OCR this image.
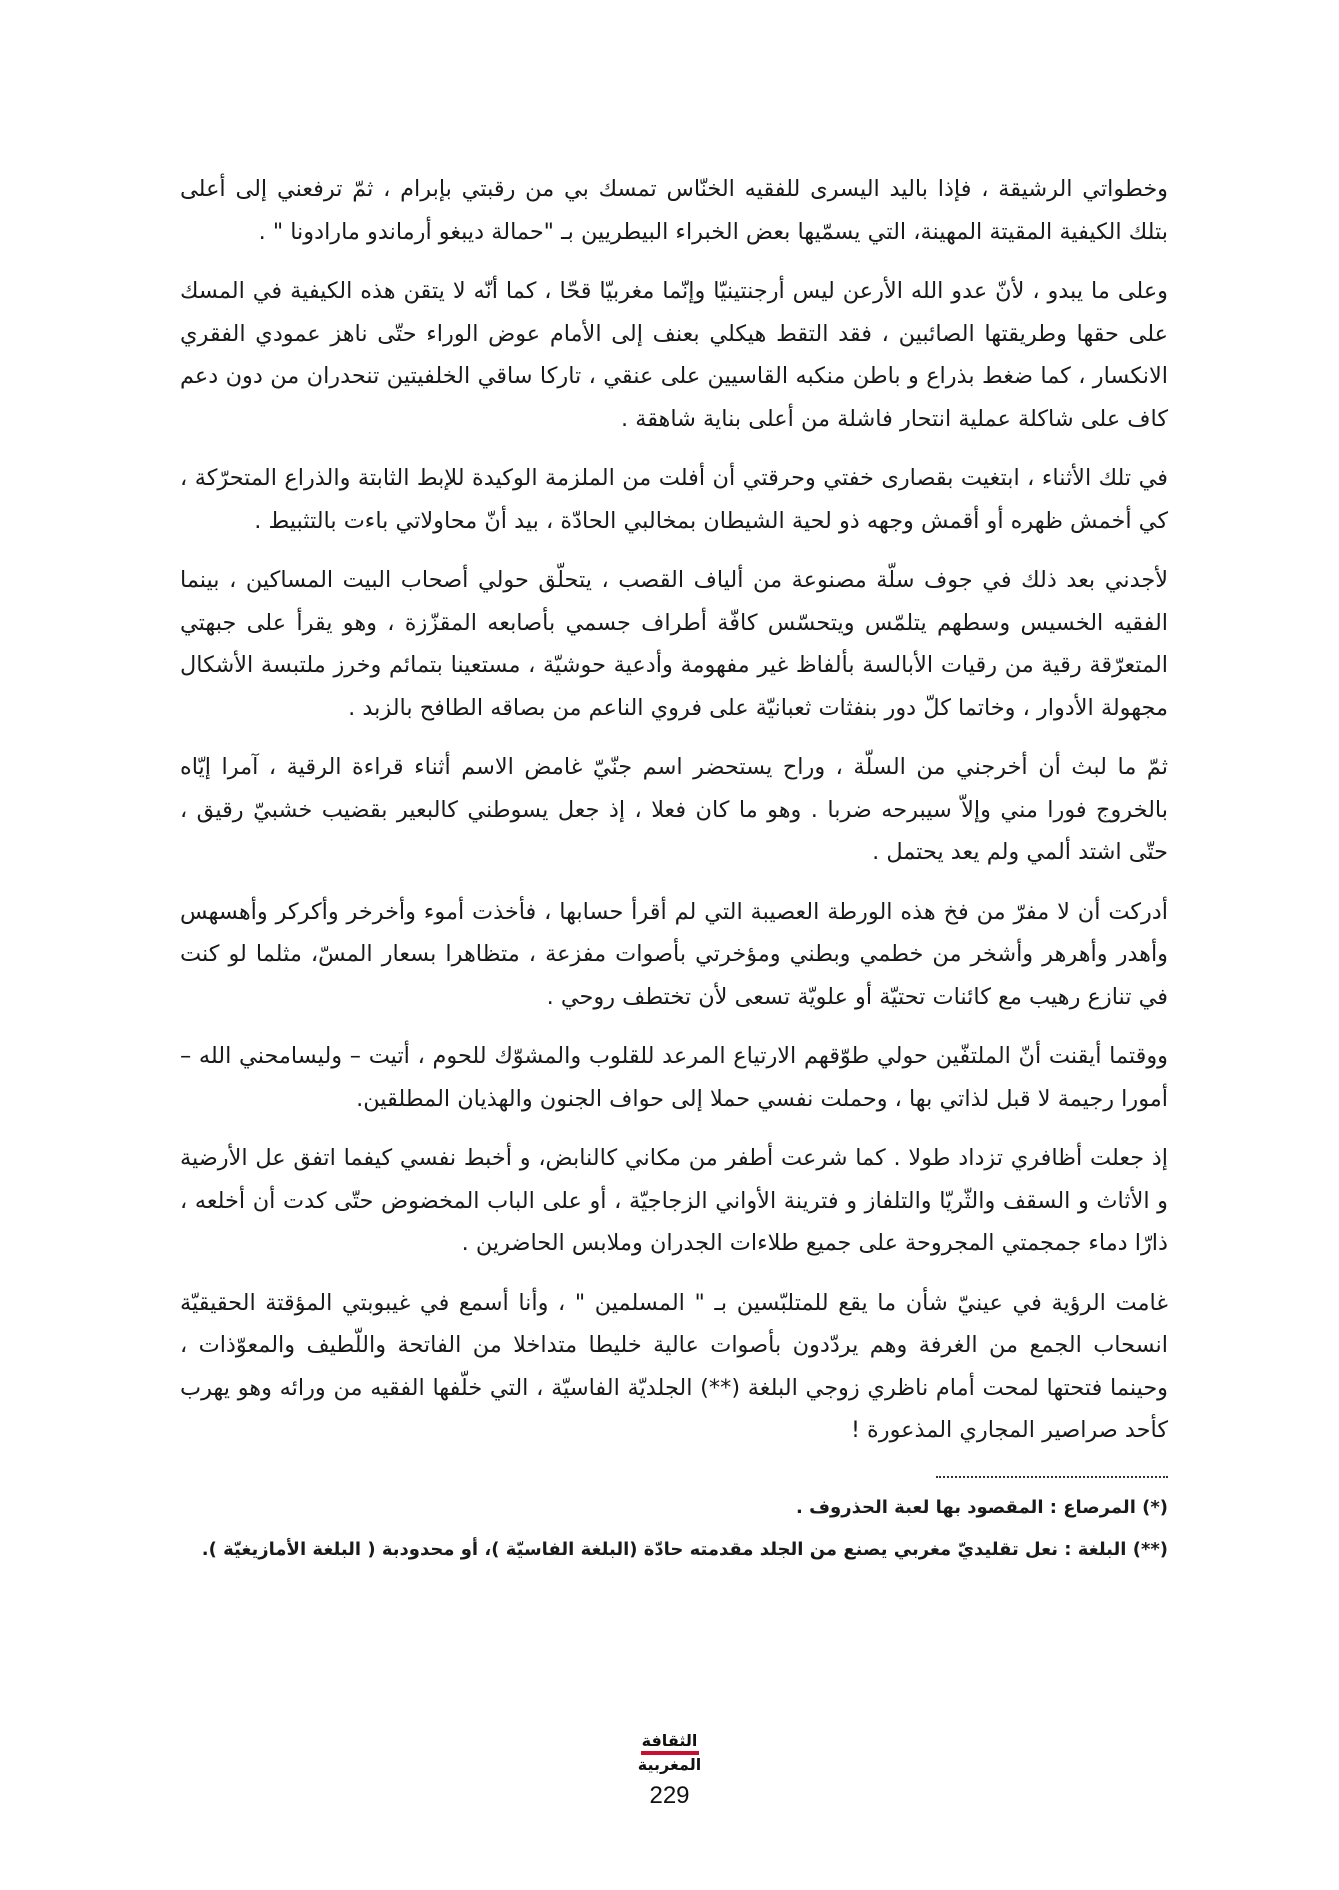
وخطواتي الرشيقة ، فإذا باليد اليسرى للفقيه الخنّاس تمسك بي من رقبتي بإبرام ، ثمّ ترفعني إلى أعلى بتلك الكيفية المقيتة المهينة، التي يسمّيها بعض الخبراء البيطريين بـ "حمالة ديبغو أرماندو مارادونا " .

وعلى ما يبدو ، لأنّ عدو الله الأرعن ليس أرجنتينيّا وإنّما مغربيّا قحّا ، كما أنّه لا يتقن هذه الكيفية في المسك على حقها وطريقتها الصائبين ، فقد التقط هيكلي بعنف إلى الأمام عوض الوراء حتّى ناهز عمودي الفقري الانكسار ، كما ضغط بذراع و باطن منكبه القاسيين على عنقي ، تاركا ساقي الخلفيتين تنحدران من دون دعم كاف على شاكلة عملية انتحار فاشلة من أعلى بناية شاهقة .

في تلك الأثناء ، ابتغيت بقصارى خفتي وحرقتي أن أفلت من الملزمة الوكيدة للإبط الثابتة والذراع المتحرّكة ، كي أخمش ظهره أو أقمش وجهه ذو لحية الشيطان بمخالبي الحادّة ، بيد أنّ محاولاتي باءت بالتثبيط .

لأجدني بعد ذلك في جوف سلّة مصنوعة من ألياف القصب ، يتحلّق حولي أصحاب البيت المساكين ، بينما الفقيه الخسيس وسطهم يتلمّس ويتحسّس كافّة أطراف جسمي بأصابعه المقزّزة ، وهو يقرأ على جبهتي المتعرّقة رقية من رقيات الأبالسة بألفاظ غير مفهومة وأدعية حوشيّة ، مستعينا بتمائم وخرز ملتبسة الأشكال مجهولة الأدوار ، وخاتما كلّ دور بنفثات ثعبانيّة على فروي الناعم من بصاقه الطافح بالزبد .

ثمّ ما لبث أن أخرجني من السلّة ، وراح يستحضر اسم جنّيّ غامض الاسم أثناء قراءة الرقية ، آمرا إيّاه بالخروج فورا مني وإلاّ سيبرحه ضربا . وهو ما كان فعلا ، إذ جعل يسوطني كالبعير بقضيب خشبيّ رقيق ، حتّى اشتد ألمي ولم يعد يحتمل .

أدركت أن لا مفرّ من فخ هذه الورطة العصيبة التي لم أقرأ حسابها ، فأخذت أموء وأخرخر وأكركر وأهسهس وأهدر وأهرهر وأشخر من خطمي وبطني ومؤخرتي بأصوات مفزعة ، متظاهرا بسعار المسّ، مثلما لو كنت في تنازع رهيب مع كائنات تحتيّة أو علويّة تسعى لأن تختطف روحي .

ووقتما أيقنت أنّ الملتفّين حولي طوّقهم الارتياع المرعد للقلوب والمشوّك للحوم ، أتيت – وليسامحني الله – أمورا رجيمة لا قبل لذاتي بها ، وحملت نفسي حملا إلى حواف الجنون والهذيان المطلقين.

إذ جعلت أظافري تزداد طولا . كما شرعت أطفر من مكاني كالنابض، و أخبط نفسي كيفما اتفق عل الأرضية و الأثاث و السقف والثّريّا والتلفاز و فترينة الأواني الزجاجيّة ، أو على الباب المخضوض حتّى كدت أن أخلعه ، ذارّا دماء جمجمتي المجروحة على جميع طلاءات الجدران وملابس الحاضرين .

غامت الرؤية في عينيّ شأن ما يقع للمتلبّسين بـ " المسلمين " ، وأنا أسمع في غيبوبتي المؤقتة الحقيقيّة انسحاب الجمع من الغرفة وهم يردّدون بأصوات عالية خليطا متداخلا من الفاتحة واللّطيف والمعوّذات ، وحينما فتحتها لمحت أمام ناظري زوجي البلغة (**) الجلديّة الفاسيّة ، التي خلّفها الفقيه من ورائه وهو يهرب كأحد صراصير المجاري المذعورة !

(*) المرصاع : المقصود بها لعبة الحذروف .

(**) البلغة : نعل تقليديّ مغربي يصنع من الجلد مقدمته حادّة (البلغة الفاسيّة )، أو محدودبة ( البلغة الأمازيغيّة ).

الثقافة
المغربية
229
